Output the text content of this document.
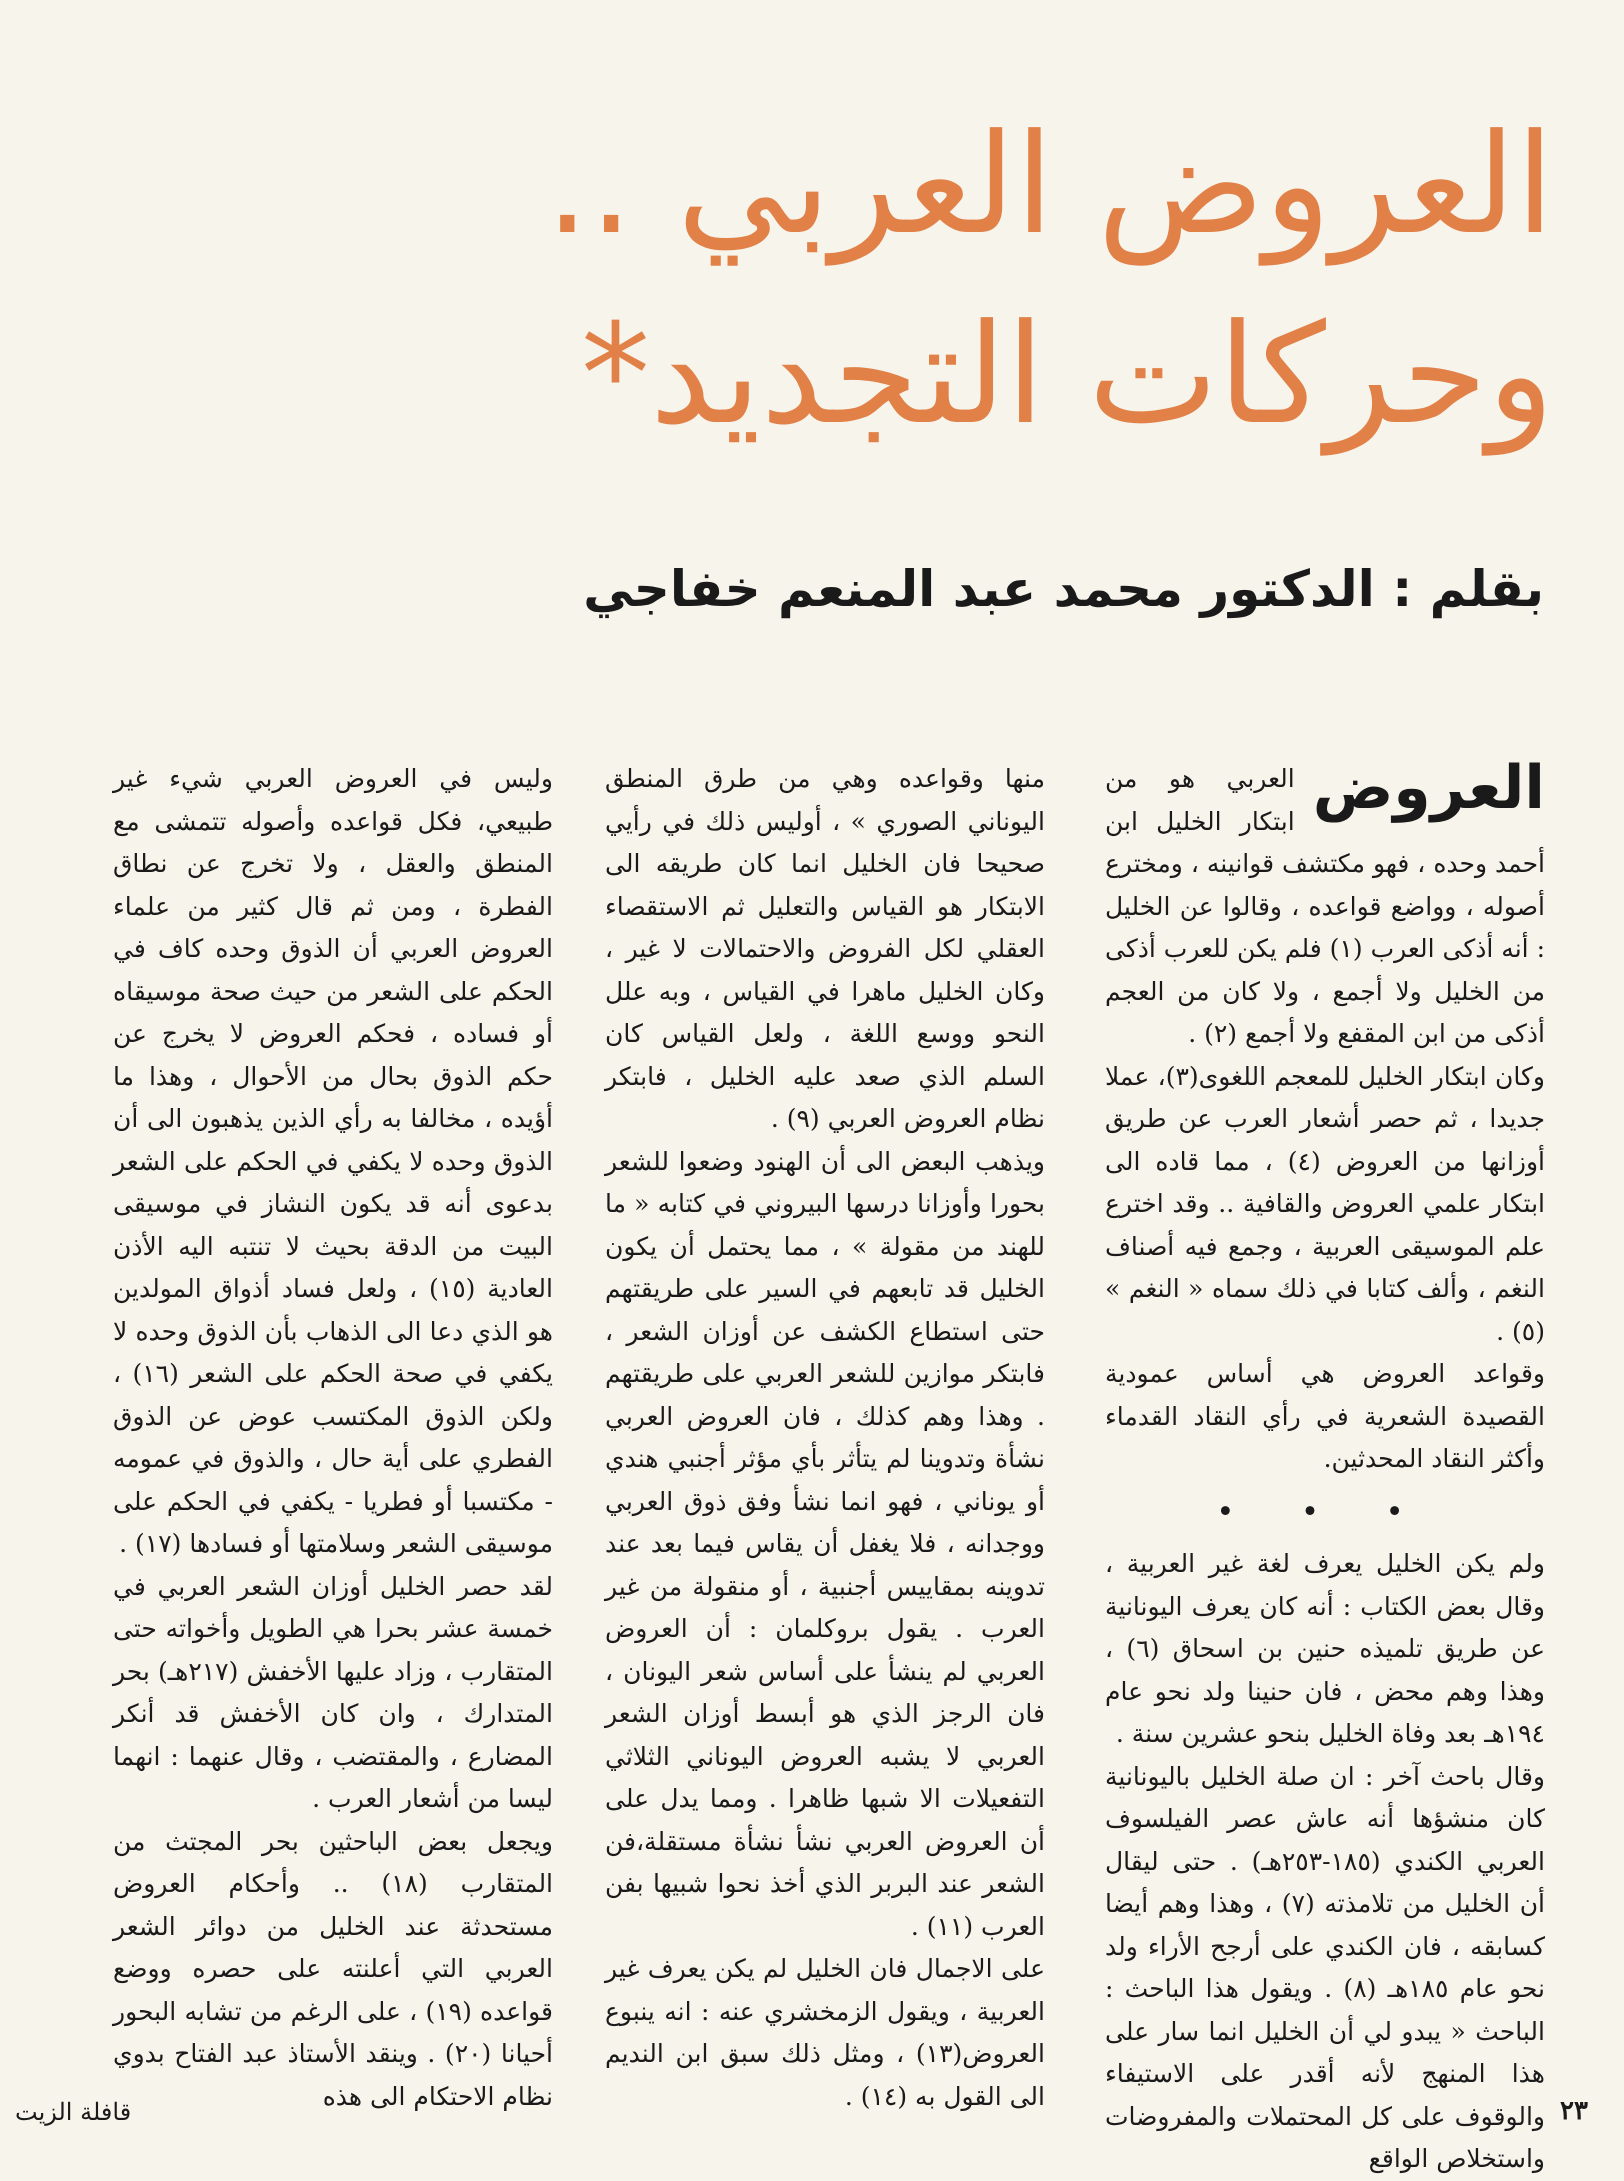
العروض العربي ..
وحركات التجديد*
بقلم : الدكتور محمد عبد المنعم خفاجي
العروض

العربي هو من ابتكار الخليل ابن أحمد وحده ، فهو مكتشف قوانينه ، ومخترع أصوله ، وواضع قواعده ، وقالوا عن الخليل : أنه أذكى العرب (١) فلم يكن للعرب أذكى من الخليل ولا أجمع ، ولا كان من العجم أذكى من ابن المقفع ولا أجمع (٢) .

وكان ابتكار الخليل للمعجم اللغوى(٣)، عملا جديدا ، ثم حصر أشعار العرب عن طريق أوزانها من العروض (٤) ، مما قاده الى ابتكار علمي العروض والقافية .. وقد اخترع علم الموسيقى العربية ، وجمع فيه أصناف النغم ، وألف كتابا في ذلك سماه « النغم » (٥) .

وقواعد العروض هي أساس عمودية القصيدة الشعرية في رأي النقاد القدماء وأكثر النقاد المحدثين.

• • •

ولم يكن الخليل يعرف لغة غير العربية ، وقال بعض الكتاب : أنه كان يعرف اليونانية عن طريق تلميذه حنين بن اسحاق (٦) ، وهذا وهم محض ، فان حنينا ولد نحو عام ١٩٤هـ بعد وفاة الخليل بنحو عشرين سنة .

وقال باحث آخر : ان صلة الخليل باليونانية كان منشؤها أنه عاش عصر الفيلسوف العربي الكندي (١٨٥-٢٥٣هـ) . حتى ليقال أن الخليل من تلامذته (٧) ، وهذا وهم أيضا كسابقه ، فان الكندي على أرجح الأراء ولد نحو عام ١٨٥هـ (٨) . ويقول هذا الباحث : الباحث « يبدو لي أن الخليل انما سار على هذا المنهج لأنه أقدر على الاستيفاء والوقوف على كل المحتملات والمفروضات واستخلاص الواقع

منها وقواعده وهي من طرق المنطق اليوناني الصوري » ، أوليس ذلك في رأيي صحيحا فان الخليل انما كان طريقه الى الابتكار هو القياس والتعليل ثم الاستقصاء العقلي لكل الفروض والاحتمالات لا غير ، وكان الخليل ماهرا في القياس ، وبه علل النحو ووسع اللغة ، ولعل القياس كان السلم الذي صعد عليه الخليل ، فابتكر نظام العروض العربي (٩) .

ويذهب البعض الى أن الهنود وضعوا للشعر بحورا وأوزانا درسها البيروني في كتابه « ما للهند من مقولة » ، مما يحتمل أن يكون الخليل قد تابعهم في السير على طريقتهم حتى استطاع الكشف عن أوزان الشعر ، فابتكر موازين للشعر العربي على طريقتهم . وهذا وهم كذلك ، فان العروض العربي نشأة وتدوينا لم يتأثر بأي مؤثر أجنبي هندي أو يوناني ، فهو انما نشأ وفق ذوق العربي ووجدانه ، فلا يغفل أن يقاس فيما بعد عند تدوينه بمقاييس أجنبية ، أو منقولة من غير العرب . يقول بروكلمان : أن العروض العربي لم ينشأ على أساس شعر اليونان ، فان الرجز الذي هو أبسط أوزان الشعر العربي لا يشبه العروض اليوناني الثلاثي التفعيلات الا شبها ظاهرا . ومما يدل على أن العروض العربي نشأ نشأة مستقلة،فن الشعر عند البربر الذي أخذ نحوا شبيها بفن العرب (١١) .

على الاجمال فان الخليل لم يكن يعرف غير العربية ، ويقول الزمخشري عنه : انه ينبوع العروض(١٣) ، ومثل ذلك سبق ابن النديم الى القول به (١٤) .

وليس في العروض العربي شيء غير طبيعي، فكل قواعده وأصوله تتمشى مع المنطق والعقل ، ولا تخرج عن نطاق الفطرة ، ومن ثم قال كثير من علماء العروض العربي أن الذوق وحده كاف في الحكم على الشعر من حيث صحة موسيقاه أو فساده ، فحكم العروض لا يخرج عن حكم الذوق بحال من الأحوال ، وهذا ما أؤيده ، مخالفا به رأي الذين يذهبون الى أن الذوق وحده لا يكفي في الحكم على الشعر بدعوى أنه قد يكون النشاز في موسيقى البيت من الدقة بحيث لا تنتبه اليه الأذن العادية (١٥) ، ولعل فساد أذواق المولدين هو الذي دعا الى الذهاب بأن الذوق وحده لا يكفي في صحة الحكم على الشعر (١٦) ، ولكن الذوق المكتسب عوض عن الذوق الفطري على أية حال ، والذوق في عمومه - مكتسبا أو فطريا - يكفي في الحكم على موسيقى الشعر وسلامتها أو فسادها (١٧) .

لقد حصر الخليل أوزان الشعر العربي في خمسة عشر بحرا هي الطويل وأخواته حتى المتقارب ، وزاد عليها الأخفش (٢١٧هـ) بحر المتدارك ، وان كان الأخفش قد أنكر المضارع ، والمقتضب ، وقال عنهما : انهما ليسا من أشعار العرب .

ويجعل بعض الباحثين بحر المجتث من المتقارب (١٨) .. وأحكام العروض مستحدثة عند الخليل من دوائر الشعر العربي التي أعلنته على حصره ووضع قواعده (١٩) ، على الرغم من تشابه البحور أحيانا (٢٠) . وينقد الأستاذ عبد الفتاح بدوي نظام الاحتكام الى هذه	٢٣
قافلة الزيت
